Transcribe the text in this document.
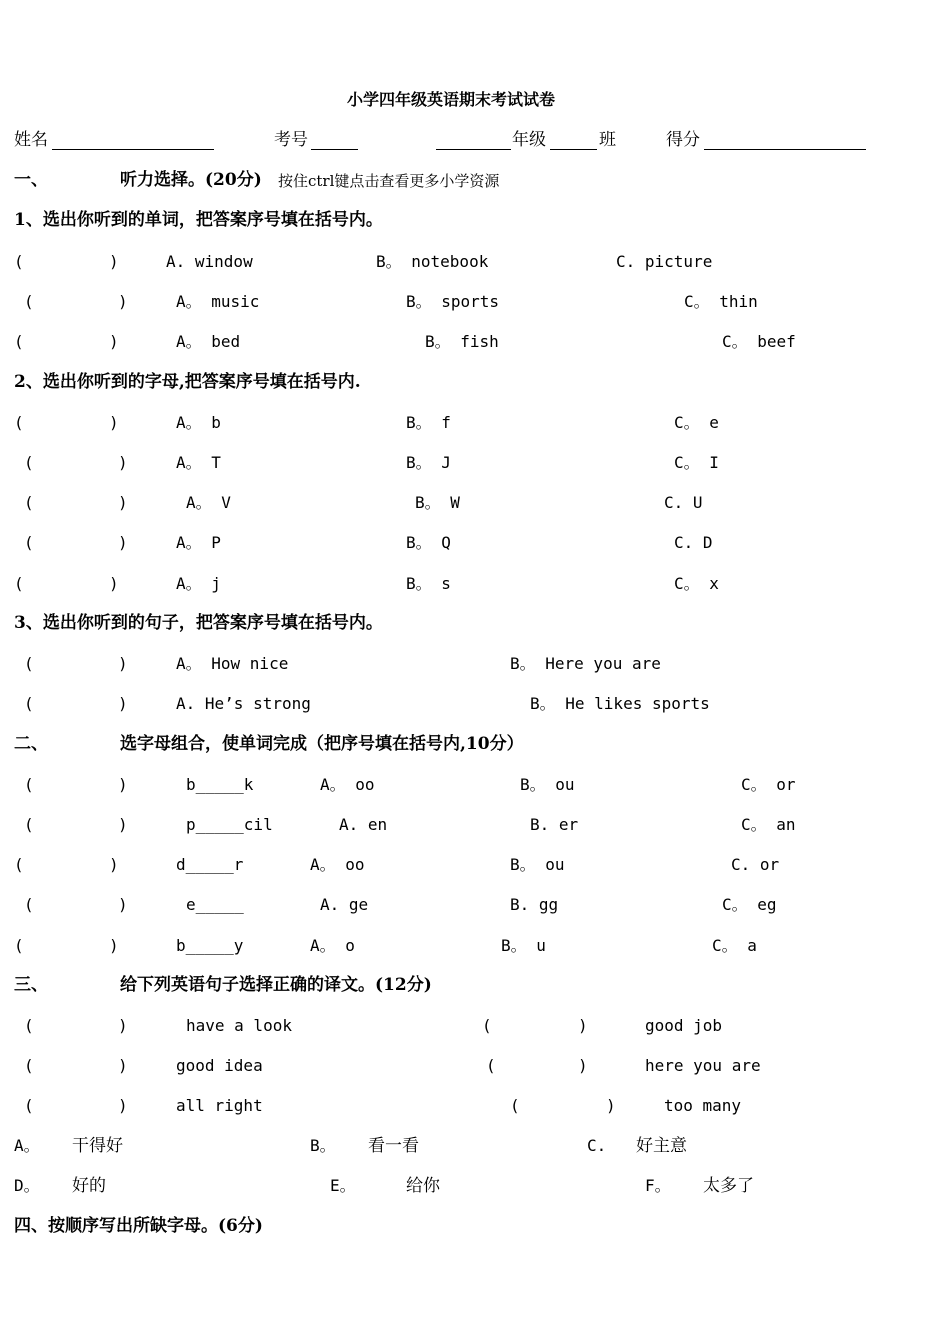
小学四年级英语期末考试试卷
姓名	考号	年级	班	得分
一、	听力选择。(20分) 按住ctrl键点击查看更多小学资源
1、选出你听到的单词，把答案序号填在括号内。
(	)	A. window	B。 notebook	C. picture
(	)	A。 music	B。 sports	C。 thin
(	)	A。 bed	B。 fish	C。 beef
2、选出你听到的字母,把答案序号填在括号内.
(	)	A。 b	B。 f	C。 e
(	)	A。 T	B。 J	C。 I
(	)	A。 V	B。 W	C. U
(	)	A。 P	B。 Q	C. D
(	)	A。 j	B。 s	C。 x
3、选出你听到的句子，把答案序号填在括号内。
(	)	A。 How nice	B。 Here you are
(	)	A. He’s strong	B。 He likes sports
二、	选字母组合，使单词完成（把序号填在括号内,10分）
(	)	b_____k	A。 oo	B。 ou	C。 or
(	)	p_____cil	A. en	B. er	C。 an
(	)	d_____r	A。 oo	B。 ou	C. or
(	)	e_____	A. ge	B. gg	C。 eg
(	)	b_____y	A。 o	B。 u	C。 a
三、	给下列英语句子选择正确的译文。(12分)
(	)	have a look	(	)	good job
(	)	good idea	(	)	here you are
(	)	all right	(	)	too many
A。 干得好	B。 看一看	C. 好主意
D。 好的	E。	给你	F。 太多了
四、按顺序写出所缺字母。(6分)
